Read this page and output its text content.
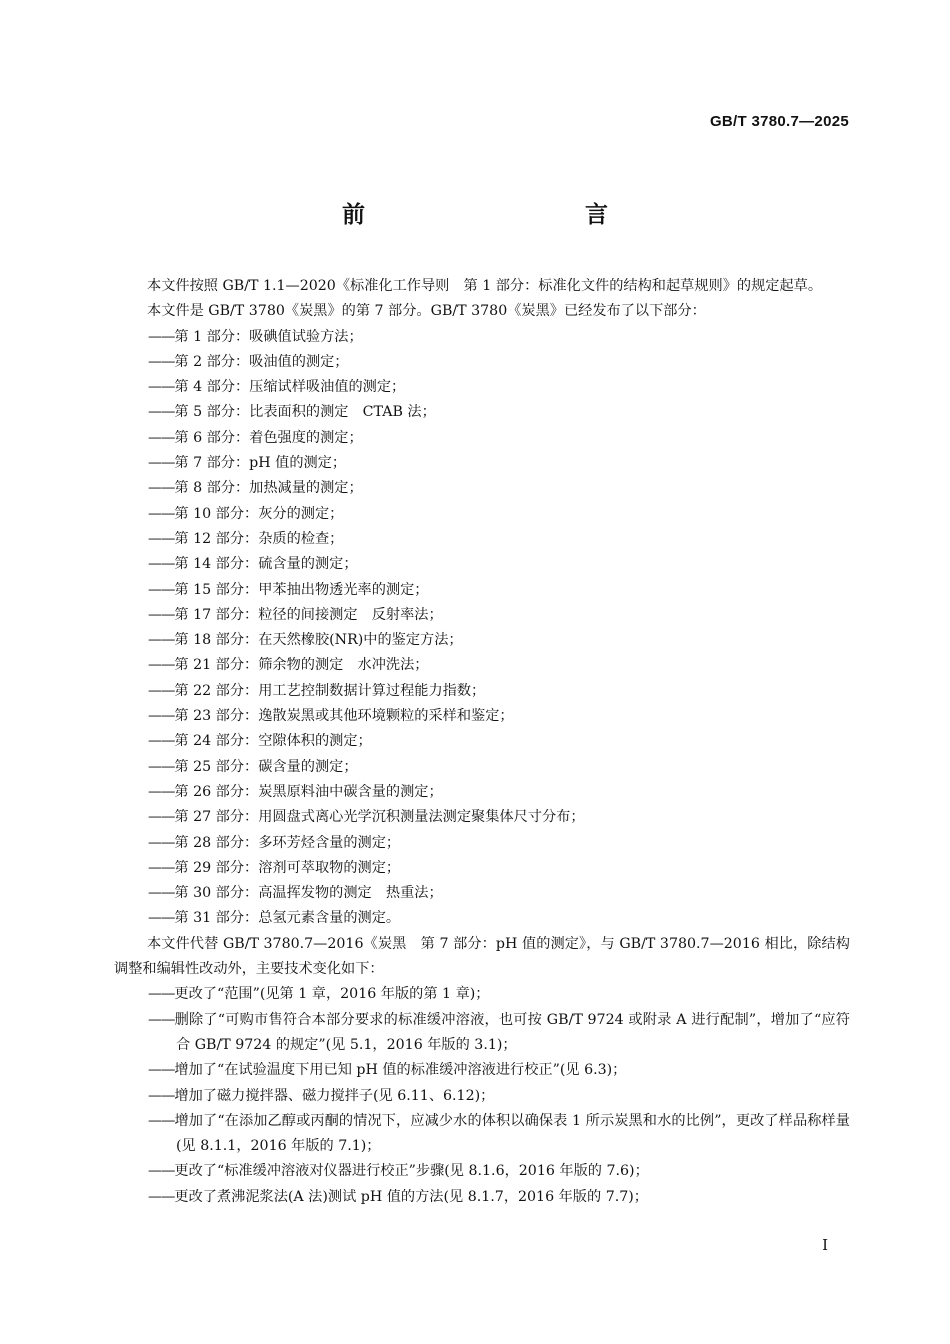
GB/T 3780.7—2025
前　　言

本文件按照 GB/T 1.1—2020《标准化工作导则　第 1 部分：标准化文件的结构和起草规则》的规定起草。

本文件是 GB/T 3780《炭黑》的第 7 部分。GB/T 3780《炭黑》已经发布了以下部分：

——第 1 部分：吸碘值试验方法；

——第 2 部分：吸油值的测定；

——第 4 部分：压缩试样吸油值的测定；

——第 5 部分：比表面积的测定　CTAB 法；

——第 6 部分：着色强度的测定；

——第 7 部分：pH 值的测定；

——第 8 部分：加热减量的测定；

——第 10 部分：灰分的测定；

——第 12 部分：杂质的检查；

——第 14 部分：硫含量的测定；

——第 15 部分：甲苯抽出物透光率的测定；

——第 17 部分：粒径的间接测定　反射率法；

——第 18 部分：在天然橡胶(NR)中的鉴定方法；

——第 21 部分：筛余物的测定　水冲洗法；

——第 22 部分：用工艺控制数据计算过程能力指数；

——第 23 部分：逸散炭黑或其他环境颗粒的采样和鉴定；

——第 24 部分：空隙体积的测定；

——第 25 部分：碳含量的测定；

——第 26 部分：炭黑原料油中碳含量的测定；

——第 27 部分：用圆盘式离心光学沉积测量法测定聚集体尺寸分布；

——第 28 部分：多环芳烃含量的测定；

——第 29 部分：溶剂可萃取物的测定；

——第 30 部分：高温挥发物的测定　热重法；

——第 31 部分：总氢元素含量的测定。

本文件代替 GB/T 3780.7—2016《炭黑　第 7 部分：pH 值的测定》，与 GB/T 3780.7—2016 相比，除结构调整和编辑性改动外，主要技术变化如下：

——更改了“范围”(见第 1 章，2016 年版的第 1 章)；

——删除了“可购市售符合本部分要求的标准缓冲溶液，也可按 GB/T 9724 或附录 A 进行配制”，增加了“应符合 GB/T 9724 的规定”(见 5.1，2016 年版的 3.1)；

——增加了“在试验温度下用已知 pH 值的标准缓冲溶液进行校正”(见 6.3)；

——增加了磁力搅拌器、磁力搅拌子(见 6.11、6.12)；

——增加了“在添加乙醇或丙酮的情况下，应减少水的体积以确保表 1 所示炭黑和水的比例”，更改了样品称样量(见 8.1.1，2016 年版的 7.1)；

——更改了“标准缓冲溶液对仪器进行校正”步骤(见 8.1.6，2016 年版的 7.6)；

——更改了煮沸泥浆法(A 法)测试 pH 值的方法(见 8.1.7，2016 年版的 7.7)；

I
